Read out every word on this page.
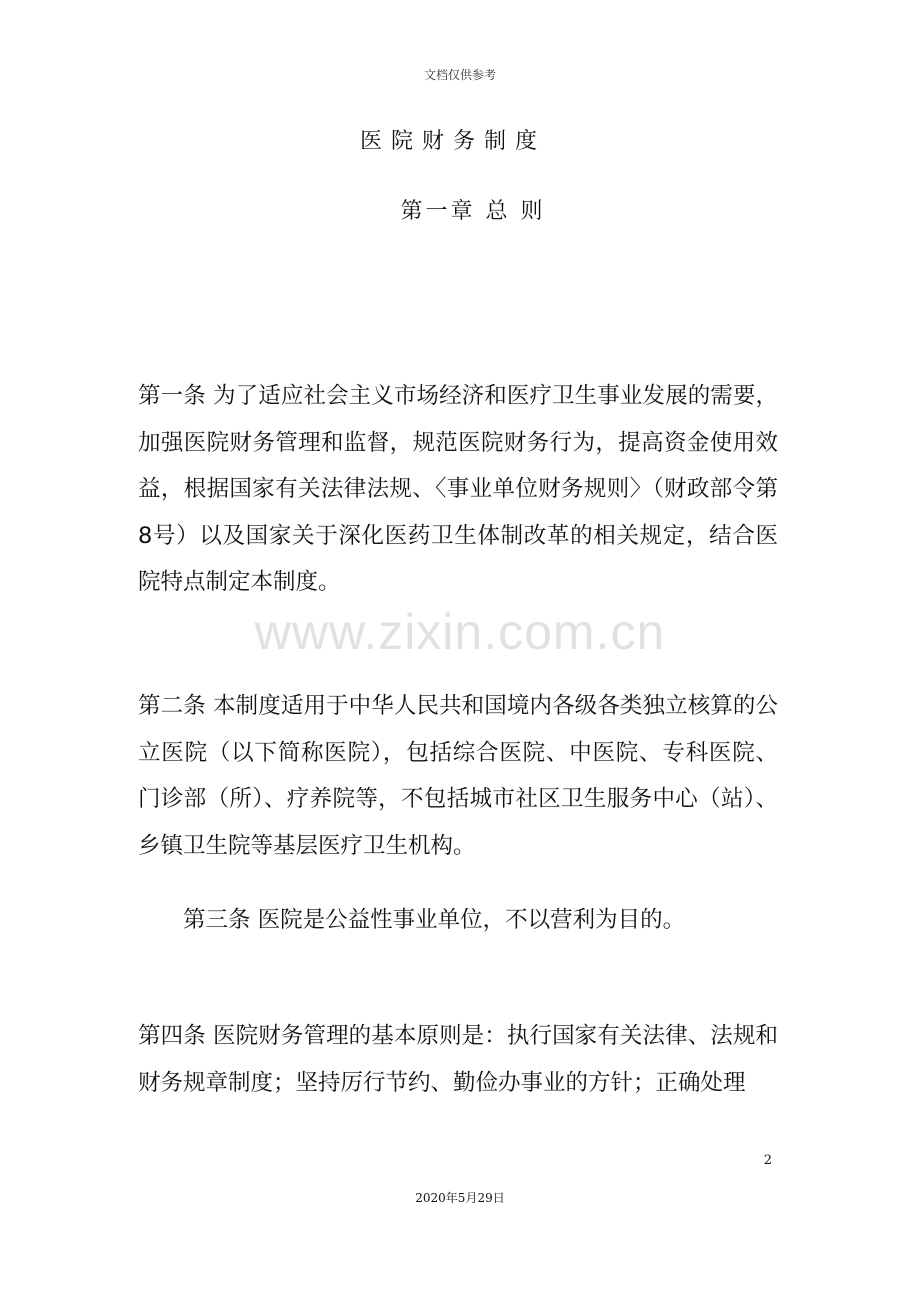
文档仅供参考
医院财务制度
第一章 总 则

第一条 为了适应社会主义市场经济和医疗卫生事业发展的需要，加强医院财务管理和监督，规范医院财务行为，提高资金使用效益，根据国家有关法律法规、〈事业单位财务规则〉（财政部令第8号）以及国家关于深化医药卫生体制改革的相关规定，结合医院特点制定本制度。

www.zixin.com.cn

第二条 本制度适用于中华人民共和国境内各级各类独立核算的公立医院（以下简称医院），包括综合医院、中医院、专科医院、门诊部（所）、疗养院等，不包括城市社区卫生服务中心（站）、乡镇卫生院等基层医疗卫生机构。

第三条 医院是公益性事业单位，不以营利为目的。

第四条 医院财务管理的基本原则是：执行国家有关法律、法规和财务规章制度；坚持厉行节约、勤俭办事业的方针；正确处理

2
2020年5月29日
